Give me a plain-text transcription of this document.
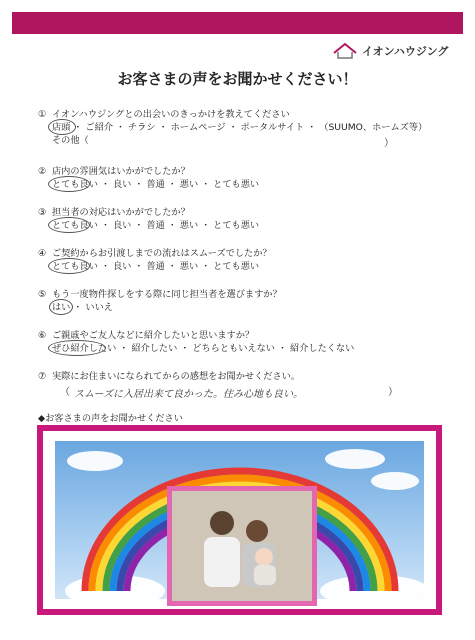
イオンハウジング
お客さまの声をお聞かせください！
① イオンハウジングとの出会いのきっかけを教えてください
店頭 ・ ご紹介 ・ チラシ ・ ホームページ ・ ポータルサイト ・ （SUUMO、ホームズ等）
その他（	）
② 店内の雰囲気はいかがでしたか？
とても良い ・ 良い ・ 普通 ・ 悪い ・ とても悪い
③ 担当者の対応はいかがでしたか？
とても良い ・ 良い ・ 普通 ・ 悪い ・ とても悪い
④ ご契約からお引渡しまでの流れはスムーズでしたか？
とても良い ・ 良い ・ 普通 ・ 悪い ・ とても悪い
⑤ もう一度物件探しをする際に同じ担当者を選びますか？
はい ・ いいえ
⑥ ご親戚やご友人などに紹介したいと思いますか？
ぜひ紹介したい ・ 紹介したい ・ どちらともいえない ・ 紹介したくない
⑦ 実際にお住まいになられてからの感想をお聞かせください。
（ スムーズに入居出来て良かった。住み心地も良い。	）
◆お客さまの声をお聞かせください
